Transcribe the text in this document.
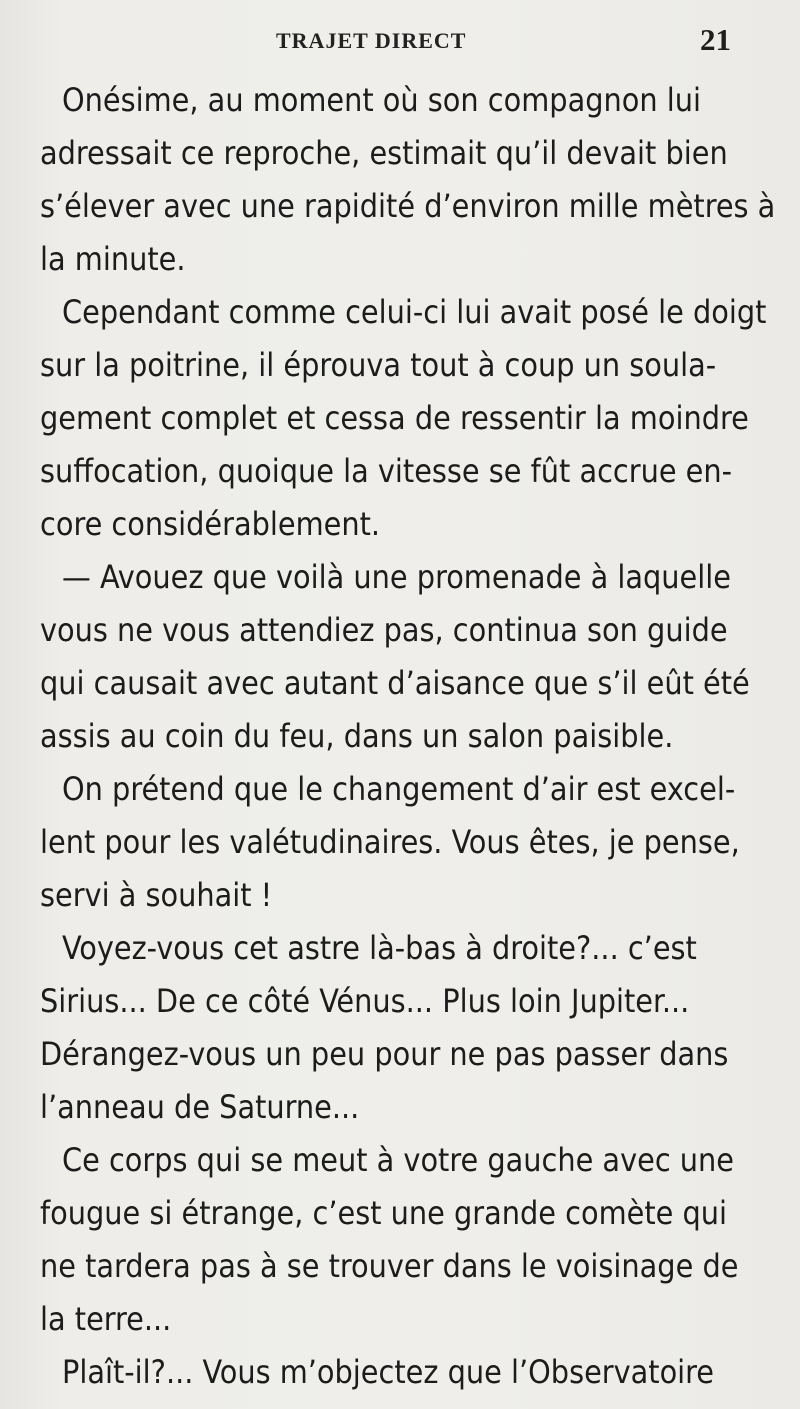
TRAJET DIRECT	21
Onésime, au moment où son compagnon lui
adressait ce reproche, estimait qu’il devait bien
s’élever avec une rapidité d’environ mille mètres à
la minute.
Cependant comme celui-ci lui avait posé le doigt
sur la poitrine, il éprouva tout à coup un soula-
gement complet et cessa de ressentir la moindre
suffocation, quoique la vitesse se fût accrue en-
core considérablement.
— Avouez que voilà une promenade à laquelle
vous ne vous attendiez pas, continua son guide
qui causait avec autant d’aisance que s’il eût été
assis au coin du feu, dans un salon paisible.
On prétend que le changement d’air est excel-
lent pour les valétudinaires. Vous êtes, je pense,
servi à souhait !
Voyez-vous cet astre là-bas à droite?... c’est
Sirius... De ce côté Vénus... Plus loin Jupiter...
Dérangez-vous un peu pour ne pas passer dans
l’anneau de Saturne...
Ce corps qui se meut à votre gauche avec une
fougue si étrange, c’est une grande comète qui
ne tardera pas à se trouver dans le voisinage de
la terre...
Plaît-il?... Vous m’objectez que l’Observatoire
